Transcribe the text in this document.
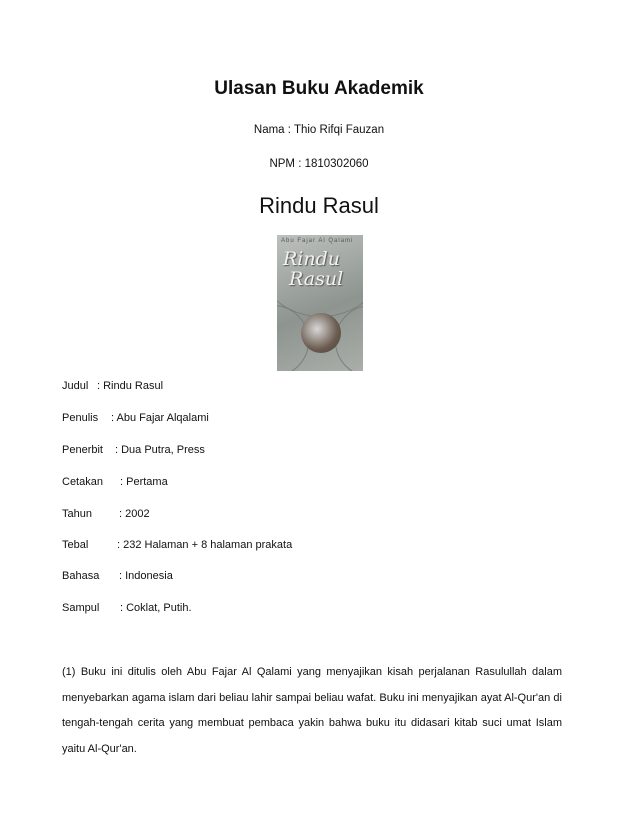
Ulasan Buku Akademik
Nama : Thio Rifqi Fauzan
NPM : 1810302060
Rindu Rasul
Abu Fajar Al Qalami
Rindu
Rasul
Judul : Rindu Rasul
Penulis : Abu Fajar Alqalami
Penerbit : Dua Putra, Press
Cetakan : Pertama
Tahun : 2002
Tebal	: 232 Halaman + 8 halaman prakata
Bahasa : Indonesia
Sampul : Coklat, Putih.
(1) Buku ini ditulis oleh Abu Fajar Al Qalami yang menyajikan kisah perjalanan Rasulullah dalam menyebarkan agama islam dari beliau lahir sampai beliau wafat. Buku ini menyajikan ayat Al-Qur'an di tengah-tengah cerita yang membuat pembaca yakin bahwa buku itu didasari kitab suci umat Islam yaitu Al-Qur'an.
